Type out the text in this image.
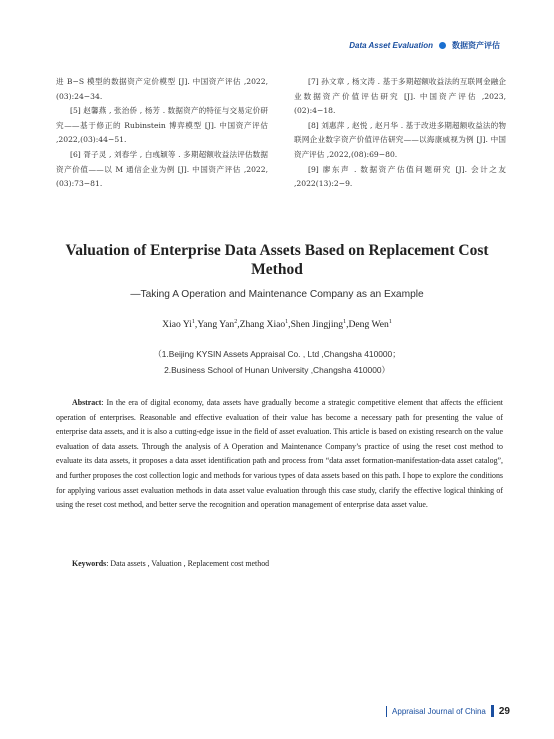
Data Asset Evaluation 数据资产评估

进 B−S 模型的数据资产定价模型 [J]. 中国资产评估 ,2022,(03):24−34.

[5] 赵馨燕 , 张治侨 , 杨芳 . 数据资产的特征与交易定价研究——基于修正的 Rubinstein 博弈模型 [J]. 中国资产评估 ,2022,(03):44−51.

[6] 胥子灵 , 刘春学 , 白彧颖等 . 多期超额收益法评估数据资产价值——以 M 通信企业为例 [J]. 中国资产评估 ,2022,(03):73−81.

[7] 孙文章 , 杨文涛 . 基于多期超额收益法的互联网金融企业数据资产价值评估研究 [J]. 中国资产评估 ,2023,(02):4−18.

[8] 刘惠萍 , 赵悦 , 赵月华 . 基于改进多期超额收益法的物联网企业数字资产价值评估研究——以海康威视为例 [J]. 中国资产评估 ,2022,(08):69−80.

[9] 廖东声 . 数据资产估值问题研究 [J]. 会计之友 ,2022(13):2−9.

Valuation of Enterprise Data Assets Based on Replacement Cost Method
—Taking A Operation and Maintenance Company as an Example
Xiao Yi$^1$,Yang Yan$^2$,Zhang Xiao$^1$,Shen Jingjing$^1$,Deng Wen$^1$
（1.Beijing KYSIN Assets Appraisal Co. , Ltd ,Changsha 410000；
2.Business School of Hunan University ,Changsha 410000）

Abstract: In the era of digital economy, data assets have gradually become a strategic competitive element that affects the efficient operation of enterprises. Reasonable and effective evaluation of their value has become a necessary path for presenting the value of enterprise data assets, and it is also a cutting-edge issue in the field of asset evaluation. This article is based on existing research on the value evaluation of data assets. Through the analysis of A Operation and Maintenance Company’s practice of using the reset cost method to evaluate its data assets, it proposes a data asset identification path and process from “data asset formation-manifestation-data asset catalog”, and further proposes the cost collection logic and methods for various types of data assets based on this path. I hope to explore the conditions for applying various asset evaluation methods in data asset value evaluation through this case study, clarify the effective logical thinking of using the reset cost method, and better serve the recognition and operation management of enterprise data asset value.

Keywords: Data assets , Valuation , Replacement cost method

Appraisal Journal of China 29
